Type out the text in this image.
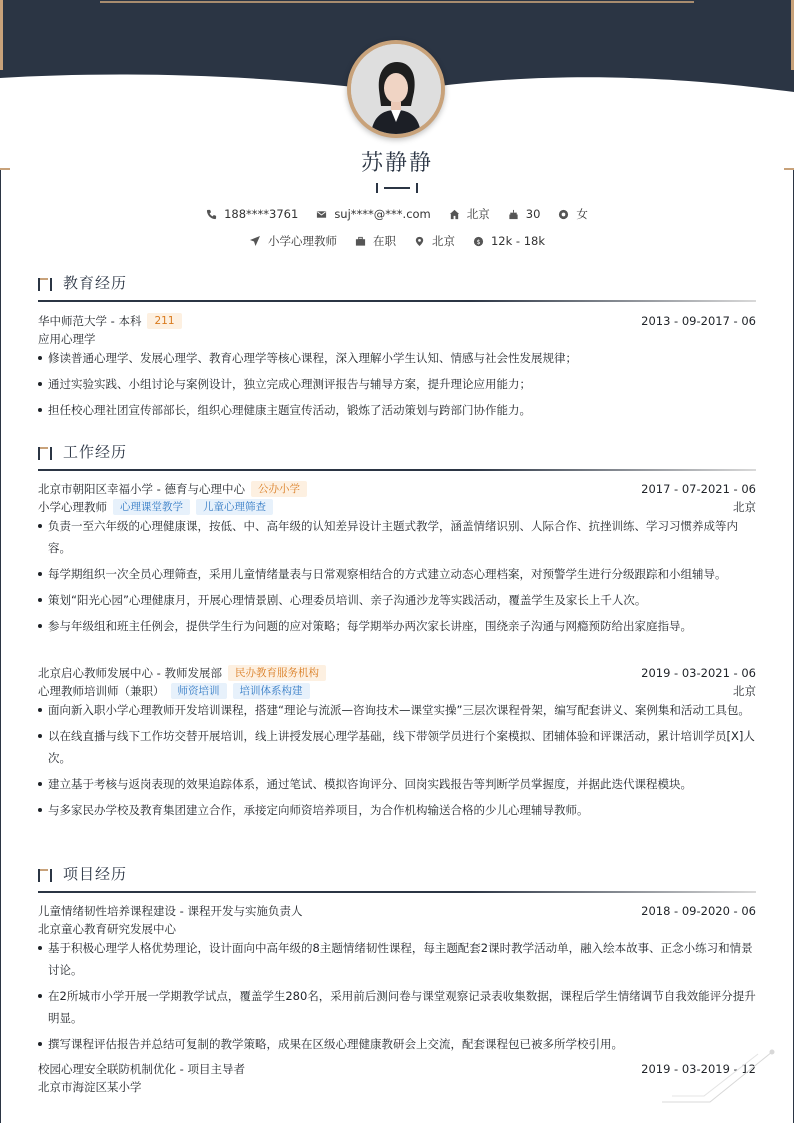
苏静静
188****3761	suj****@***.com	北京	30	女
小学心理教师	在职	北京	$ 12k - 18k
教育经历
华中师范大学 - 本科	211	2013 - 09-2017 - 06
应用心理学
修读普通心理学、发展心理学、教育心理学等核心课程，深入理解小学生认知、情感与社会性发展规律；
通过实验实践、小组讨论与案例设计，独立完成心理测评报告与辅导方案，提升理论应用能力；
担任校心理社团宣传部部长，组织心理健康主题宣传活动，锻炼了活动策划与跨部门协作能力。
工作经历
北京市朝阳区幸福小学 - 德育与心理中心	公办小学	2017 - 07-2021 - 06
小学心理教师	心理课堂教学	儿童心理筛查	北京
负责一至六年级的心理健康课，按低、中、高年级的认知差异设计主题式教学，涵盖情绪识别、人际合作、抗挫训练、学习习惯养成等内容。
每学期组织一次全员心理筛查，采用儿童情绪量表与日常观察相结合的方式建立动态心理档案，对预警学生进行分级跟踪和小组辅导。
策划“阳光心园”心理健康月，开展心理情景剧、心理委员培训、亲子沟通沙龙等实践活动，覆盖学生及家长上千人次。
参与年级组和班主任例会，提供学生行为问题的应对策略；每学期举办两次家长讲座，围绕亲子沟通与网瘾预防给出家庭指导。
北京启心教师发展中心 - 教师发展部	民办教育服务机构	2019 - 03-2021 - 06
心理教师培训师（兼职）	师资培训	培训体系构建	北京
面向新入职小学心理教师开发培训课程，搭建“理论与流派—咨询技术—课堂实操”三层次课程骨架，编写配套讲义、案例集和活动工具包。
以在线直播与线下工作坊交替开展培训，线上讲授发展心理学基础，线下带领学员进行个案模拟、团辅体验和评课活动，累计培训学员[X]人次。
建立基于考核与返岗表现的效果追踪体系，通过笔试、模拟咨询评分、回岗实践报告等判断学员掌握度，并据此迭代课程模块。
与多家民办学校及教育集团建立合作，承接定向师资培养项目，为合作机构输送合格的少儿心理辅导教师。
项目经历
儿童情绪韧性培养课程建设 - 课程开发与实施负责人	2018 - 09-2020 - 06
北京童心教育研究发展中心
基于积极心理学人格优势理论，设计面向中高年级的8主题情绪韧性课程，每主题配套2课时教学活动单，融入绘本故事、正念小练习和情景讨论。
在2所城市小学开展一学期教学试点，覆盖学生280名，采用前后测问卷与课堂观察记录表收集数据，课程后学生情绪调节自我效能评分提升明显。
撰写课程评估报告并总结可复制的教学策略，成果在区级心理健康教研会上交流，配套课程包已被多所学校引用。
校园心理安全联防机制优化 - 项目主导者	2019 - 03-2019 - 12
北京市海淀区某小学
